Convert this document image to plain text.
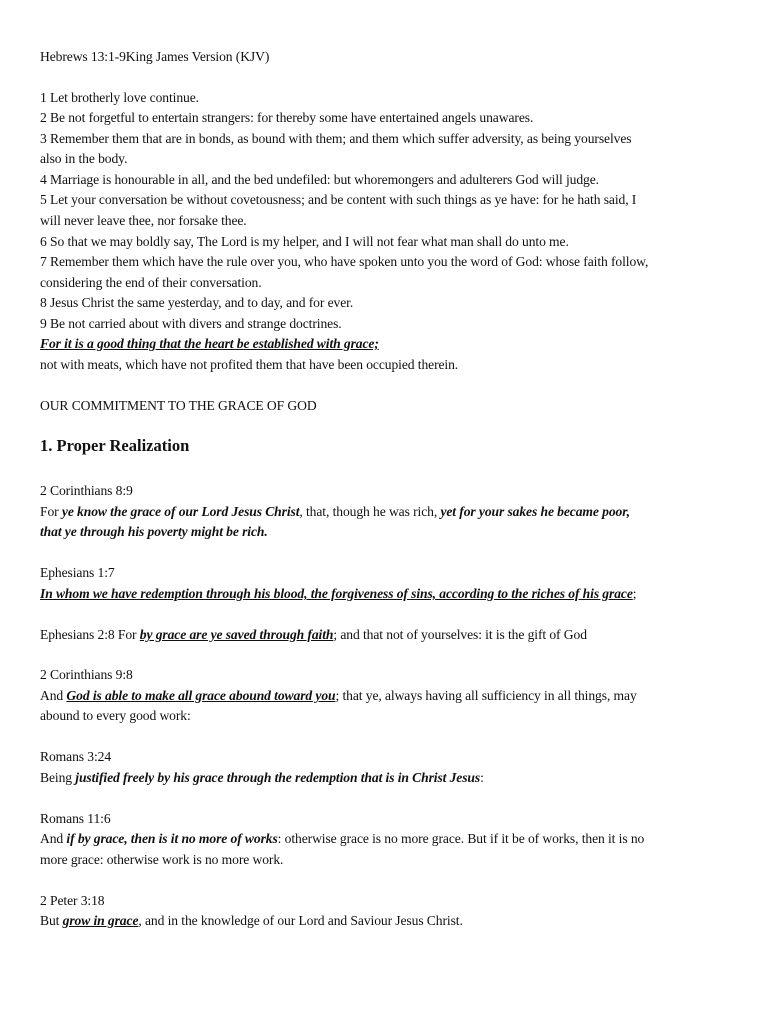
Hebrews 13:1-9King James Version (KJV)
1 Let brotherly love continue.
2 Be not forgetful to entertain strangers: for thereby some have entertained angels unawares.
3 Remember them that are in bonds, as bound with them; and them which suffer adversity, as being yourselves
also in the body.
4 Marriage is honourable in all, and the bed undefiled: but whoremongers and adulterers God will judge.
5 Let your conversation be without covetousness; and be content with such things as ye have: for he hath said, I
will never leave thee, nor forsake thee.
6 So that we may boldly say, The Lord is my helper, and I will not fear what man shall do unto me.
7 Remember them which have the rule over you, who have spoken unto you the word of God: whose faith follow,
considering the end of their conversation.
8 Jesus Christ the same yesterday, and to day, and for ever.
9 Be not carried about with divers and strange doctrines.
For it is a good thing that the heart be established with grace;
not with meats, which have not profited them that have been occupied therein.
OUR COMMITMENT TO THE GRACE OF GOD
1. Proper Realization
2 Corinthians 8:9
For ye know the grace of our Lord Jesus Christ, that, though he was rich, yet for your sakes he became poor,
that ye through his poverty might be rich.
Ephesians 1:7
In whom we have redemption through his blood, the forgiveness of sins, according to the riches of his grace;
Ephesians 2:8 For by grace are ye saved through faith; and that not of yourselves: it is the gift of God
2 Corinthians 9:8
And God is able to make all grace abound toward you; that ye, always having all sufficiency in all things, may
abound to every good work:
Romans 3:24
Being justified freely by his grace through the redemption that is in Christ Jesus:
Romans 11:6
And if by grace, then is it no more of works: otherwise grace is no more grace. But if it be of works, then it is no
more grace: otherwise work is no more work.
2 Peter 3:18
But grow in grace, and in the knowledge of our Lord and Saviour Jesus Christ.
